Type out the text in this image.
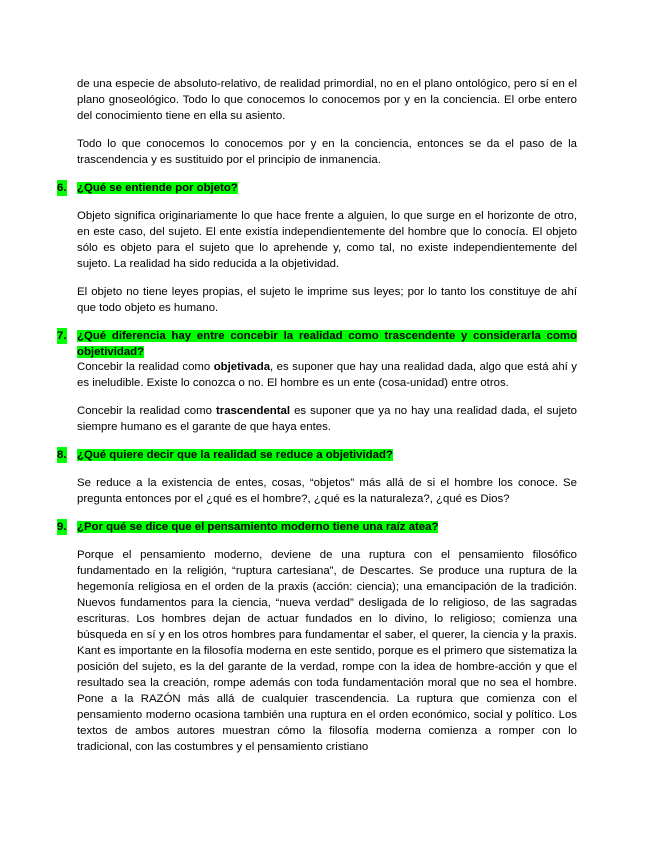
de una especie de absoluto-relativo, de realidad primordial, no en el plano ontológico, pero sí en el plano gnoseológico. Todo lo que conocemos lo conocemos por y en la conciencia. El orbe entero del conocimiento tiene en ella su asiento.

Todo lo que conocemos lo conocemos por y en la conciencia, entonces se da el paso de la trascendencia y es sustituido por el principio de inmanencia.

6. ¿Qué se entiende por objeto?

Objeto significa originariamente lo que hace frente a alguien, lo que surge en el horizonte de otro, en este caso, del sujeto. El ente existía independientemente del hombre que lo conocía. El objeto sólo es objeto para el sujeto que lo aprehende y, como tal, no existe independientemente del sujeto. La realidad ha sido reducida a la objetividad.

El objeto no tiene leyes propias, el sujeto le imprime sus leyes; por lo tanto los constituye de ahí que todo objeto es humano.

7. ¿Qué diferencia hay entre concebir la realidad como trascendente y considerarla como objetividad?

Concebir la realidad como objetivada, es suponer que hay una realidad dada, algo que está ahí y es ineludible. Existe lo conozca o no. El hombre es un ente (cosa-unidad) entre otros.

Concebir la realidad como trascendental es suponer que ya no hay una realidad dada, el sujeto siempre humano es el garante de que haya entes.

8. ¿Qué quiere decir que la realidad se reduce a objetividad?

Se reduce a la existencia de entes, cosas, “objetos” más allá de si el hombre los conoce. Se pregunta entonces por el ¿qué es el hombre?, ¿qué es la naturaleza?, ¿qué es Dios?

9. ¿Por qué se dice que el pensamiento moderno tiene una raíz atea?

Porque el pensamiento moderno, deviene de una ruptura con el pensamiento filosófico fundamentado en la religión, “ruptura cartesiana”, de Descartes. Se produce una ruptura de la hegemonía religiosa en el orden de la praxis (acción: ciencia); una emancipación de la tradición. Nuevos fundamentos para la ciencia, “nueva verdad” desligada de lo religioso, de las sagradas escrituras. Los hombres dejan de actuar fundados en lo divino, lo religioso; comienza una búsqueda en sí y en los otros hombres para fundamentar el saber, el querer, la ciencia y la praxis. Kant es importante en la filosofía moderna en este sentido, porque es el primero que sistematiza la posición del sujeto, es la del garante de la verdad, rompe con la idea de hombre-acción y que el resultado sea la creación, rompe además con toda fundamentación moral que no sea el hombre. Pone a la RAZÓN más allá de cualquier trascendencia. La ruptura que comienza con el pensamiento moderno ocasiona también una ruptura en el orden económico, social y político. Los textos de ambos autores muestran cómo la filosofía moderna comienza a romper con lo tradicional, con las costumbres y el pensamiento cristiano
